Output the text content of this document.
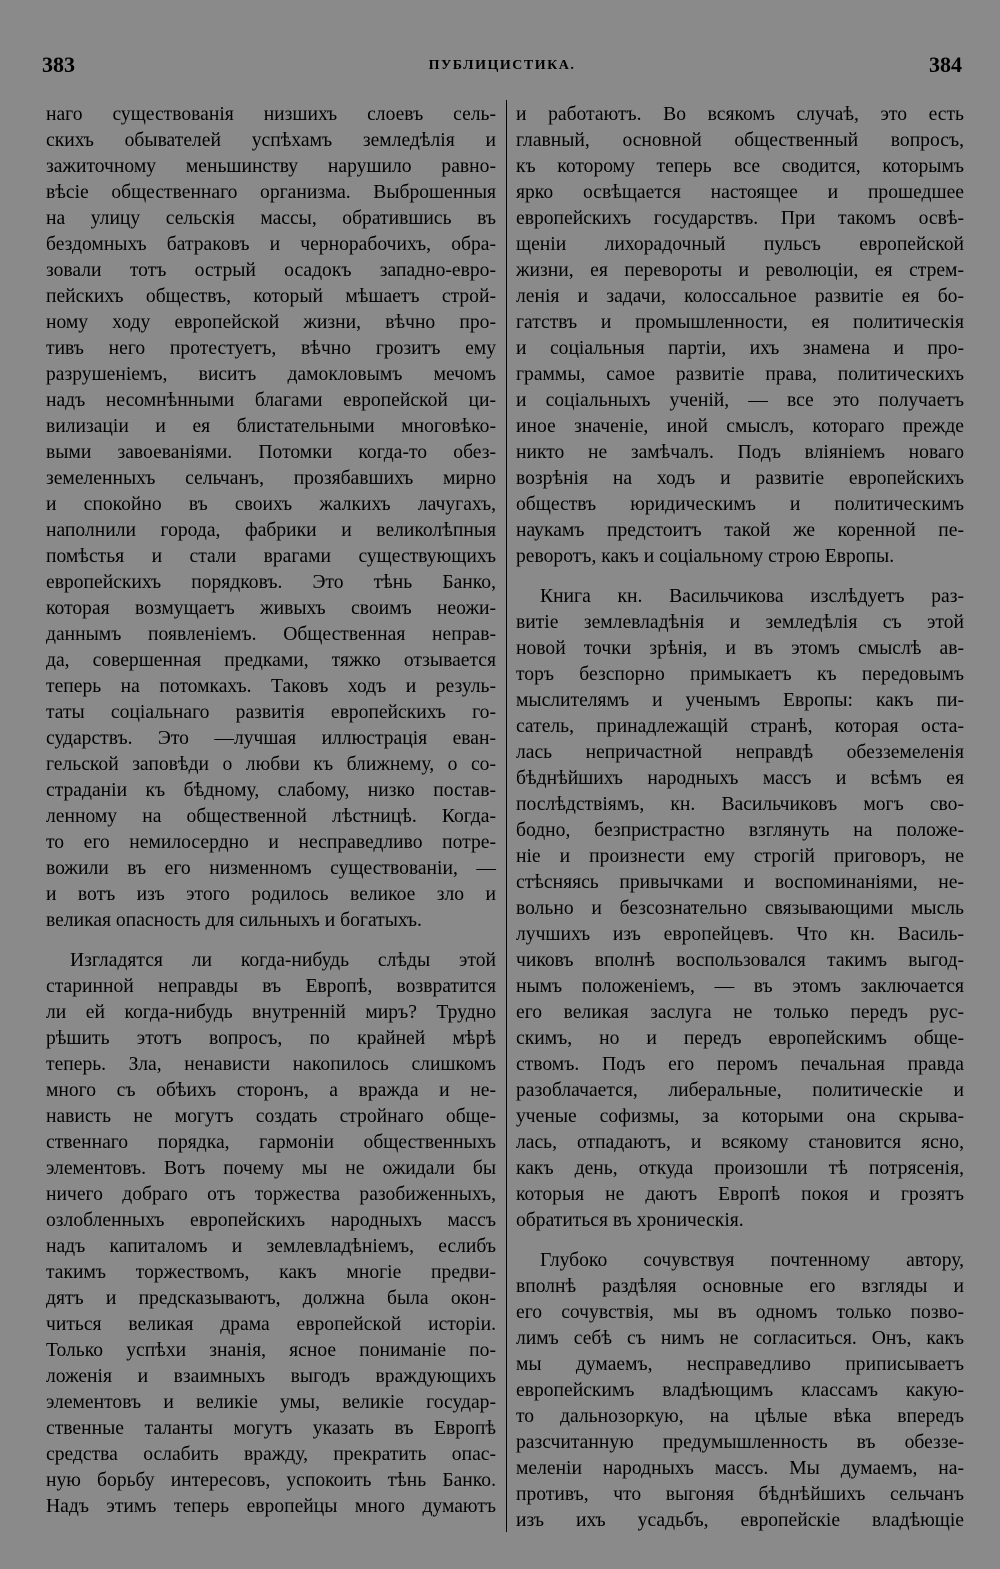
383	ПУБЛИЦИСТИКА.	384

наго существованія низшихъ слоевъ сель-
скихъ обывателей успѣхамъ земледѣлія и
зажиточному меньшинству нарушило равно-
вѣсіе общественнаго организма. Выброшенныя
на улицу сельскія массы, обратившись въ
бездомныхъ батраковъ и чернорабочихъ, обра-
зовали тотъ острый осадокъ западно-евро-
пейскихъ обществъ, который мѣшаетъ строй-
ному ходу европейской жизни, вѣчно про-
тивъ него протестуетъ, вѣчно грозитъ ему
разрушеніемъ, виситъ дамокловымъ мечомъ
надъ несомнѣнными благами европейской ци-
вилизаціи и ея блистательными многовѣко-
выми завоеваніями. Потомки когда-то обез-
земеленныхъ сельчанъ, прозябавшихъ мирно
и спокойно въ своихъ жалкихъ лачугахъ,
наполнили города, фабрики и великолѣпныя
помѣстья и стали врагами существующихъ
европейскихъ порядковъ. Это тѣнь Банко,
которая возмущаетъ живыхъ своимъ неожи-
даннымъ появленіемъ. Общественная неправ-
да, совершенная предками, тяжко отзывается
теперь на потомкахъ. Таковъ ходъ и резуль-
таты соціальнаго развитія европейскихъ го-
сударствъ. Это —лучшая иллюстрація еван-
гельской заповѣди о любви къ ближнему, о со-
страданіи къ бѣдному, слабому, низко постав-
ленному на общественной лѣстницѣ. Когда-
то его немилосердно и несправедливо потре-
вожили въ его низменномъ существованіи, —
и вотъ изъ этого родилось великое зло и
великая опасность для сильныхъ и богатыхъ.

Изгладятся ли когда-нибудь слѣды этой
старинной неправды въ Европѣ, возвратится
ли ей когда-нибудь внутренній миръ? Трудно
рѣшить этотъ вопросъ, по крайней мѣрѣ
теперь. Зла, ненависти накопилось слишкомъ
много съ обѣихъ сторонъ, а вражда и не-
нависть не могутъ создать стройнаго обще-
ственнаго порядка, гармоніи общественныхъ
элементовъ. Вотъ почему мы не ожидали бы
ничего добраго отъ торжества разобиженныхъ,
озлобленныхъ европейскихъ народныхъ массъ
надъ капиталомъ и землевладѣніемъ, еслибъ
такимъ торжествомъ, какъ многіе предви-
дятъ и предсказываютъ, должна была окон-
читься великая драма европейской исторіи.
Только успѣхи знанія, ясное пониманіе по-
ложенія и взаимныхъ выгодъ враждующихъ
элементовъ и великіе умы, великіе государ-
ственные таланты могутъ указать въ Европѣ
средства ослабить вражду, прекратить опас-
ную борьбу интересовъ, успокоить тѣнь Банко.
Надъ этимъ теперь европейцы много думаютъ

и работаютъ. Во всякомъ случаѣ, это есть
главный, основной общественный вопросъ,
къ которому теперь все сводится, которымъ
ярко освѣщается настоящее и прошедшее
европейскихъ государствъ. При такомъ освѣ-
щеніи лихорадочный пульсъ европейской
жизни, ея перевороты и революціи, ея стрем-
ленія и задачи, колоссальное развитіе ея бо-
гатствъ и промышленности, ея политическія
и соціальныя партіи, ихъ знамена и про-
граммы, самое развитіе права, политическихъ
и соціальныхъ ученій, — все это получаетъ
иное значеніе, иной смыслъ, котораго прежде
никто не замѣчалъ. Подъ вліяніемъ новаго
возрѣнія на ходъ и развитіе европейскихъ
обществъ юридическимъ и политическимъ
наукамъ предстоитъ такой же коренной пе-
реворотъ, какъ и соціальному строю Европы.

Книга кн. Васильчикова изслѣдуетъ раз-
витіе землевладѣнія и земледѣлія съ этой
новой точки зрѣнія, и въ этомъ смыслѣ ав-
торъ безспорно примыкаетъ къ передовымъ
мыслителямъ и ученымъ Европы: какъ пи-
сатель, принадлежащій странѣ, которая оста-
лась непричастной неправдѣ обезземеленія
бѣднѣйшихъ народныхъ массъ и всѣмъ ея
послѣдствіямъ, кн. Васильчиковъ могъ сво-
бодно, безпристрастно взглянуть на положе-
ніе и произнести ему строгій приговоръ, не
стѣсняясь привычками и воспоминаніями, не-
вольно и безсознательно связывающими мысль
лучшихъ изъ европейцевъ. Что кн. Василь-
чиковъ вполнѣ воспользовался такимъ выгод-
нымъ положеніемъ, — въ этомъ заключается
его великая заслуга не только передъ рус-
скимъ, но и передъ европейскимъ обще-
ствомъ. Подъ его перомъ печальная правда
разоблачается, либеральные, политическіе и
ученые софизмы, за которыми она скрыва-
лась, отпадаютъ, и всякому становится ясно,
какъ день, откуда произошли тѣ потрясенія,
которыя не даютъ Европѣ покоя и грозятъ
обратиться въ хроническія.

Глубоко сочувствуя почтенному автору,
вполнѣ раздѣляя основные его взгляды и
его сочувствія, мы въ одномъ только позво-
лимъ себѣ съ нимъ не согласиться. Онъ, какъ
мы думаемъ, несправедливо приписываетъ
европейскимъ владѣющимъ классамъ какую-
то дальнозоркую, на цѣлые вѣка впередъ
разсчитанную предумышленность въ обеззе-
меленіи народныхъ массъ. Мы думаемъ, на-
противъ, что выгоняя бѣднѣйшихъ сельчанъ
изъ ихъ усадьбъ, европейскіе владѣющіе
